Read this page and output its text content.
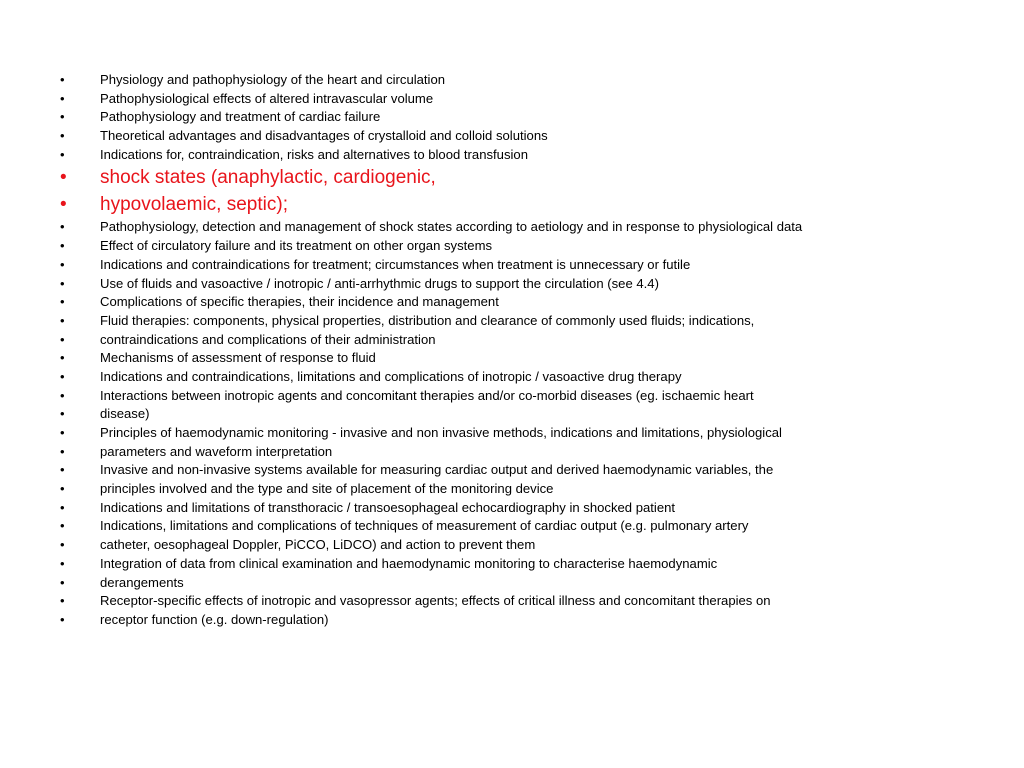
•	Physiology and pathophysiology of the heart and circulation
•	Pathophysiological effects of altered intravascular volume
•	Pathophysiology and treatment of cardiac failure
•	Theoretical advantages and disadvantages of crystalloid and colloid solutions
•	Indications for, contraindication, risks and alternatives to blood transfusion
•	shock states (anaphylactic, cardiogenic,
•	hypovolaemic, septic);
•	Pathophysiology, detection and management of shock states according to aetiology and in response to physiological data
•	Effect of circulatory failure and its treatment on other organ systems
•	Indications and contraindications for treatment; circumstances when treatment is unnecessary or futile
•	Use of fluids and vasoactive / inotropic / anti-arrhythmic drugs to support the circulation (see 4.4)
•	Complications of specific therapies, their incidence and management
•	Fluid therapies: components, physical properties, distribution and clearance of commonly used fluids; indications,
•	contraindications and complications of their administration
•	Mechanisms of assessment of response to fluid
•	Indications and contraindications, limitations and complications of inotropic / vasoactive drug therapy
•	Interactions between inotropic agents and concomitant therapies and/or co-morbid diseases (eg. ischaemic heart
•	disease)
•	Principles of haemodynamic monitoring - invasive and non invasive methods, indications and limitations, physiological
•	parameters and waveform interpretation
•	Invasive and non-invasive systems available for measuring cardiac output and derived haemodynamic variables, the
•	principles involved and the type and site of placement of the monitoring device
•	Indications and limitations of transthoracic / transoesophageal echocardiography in shocked patient
•	Indications, limitations and complications of techniques of measurement of cardiac output (e.g. pulmonary artery
•	catheter, oesophageal Doppler, PiCCO, LiDCO) and action to prevent them
•	Integration of data from clinical examination and haemodynamic monitoring to characterise haemodynamic
•	derangements
•	Receptor-specific effects of inotropic and vasopressor agents; effects of critical illness and concomitant therapies on
•	receptor function (e.g. down-regulation)
